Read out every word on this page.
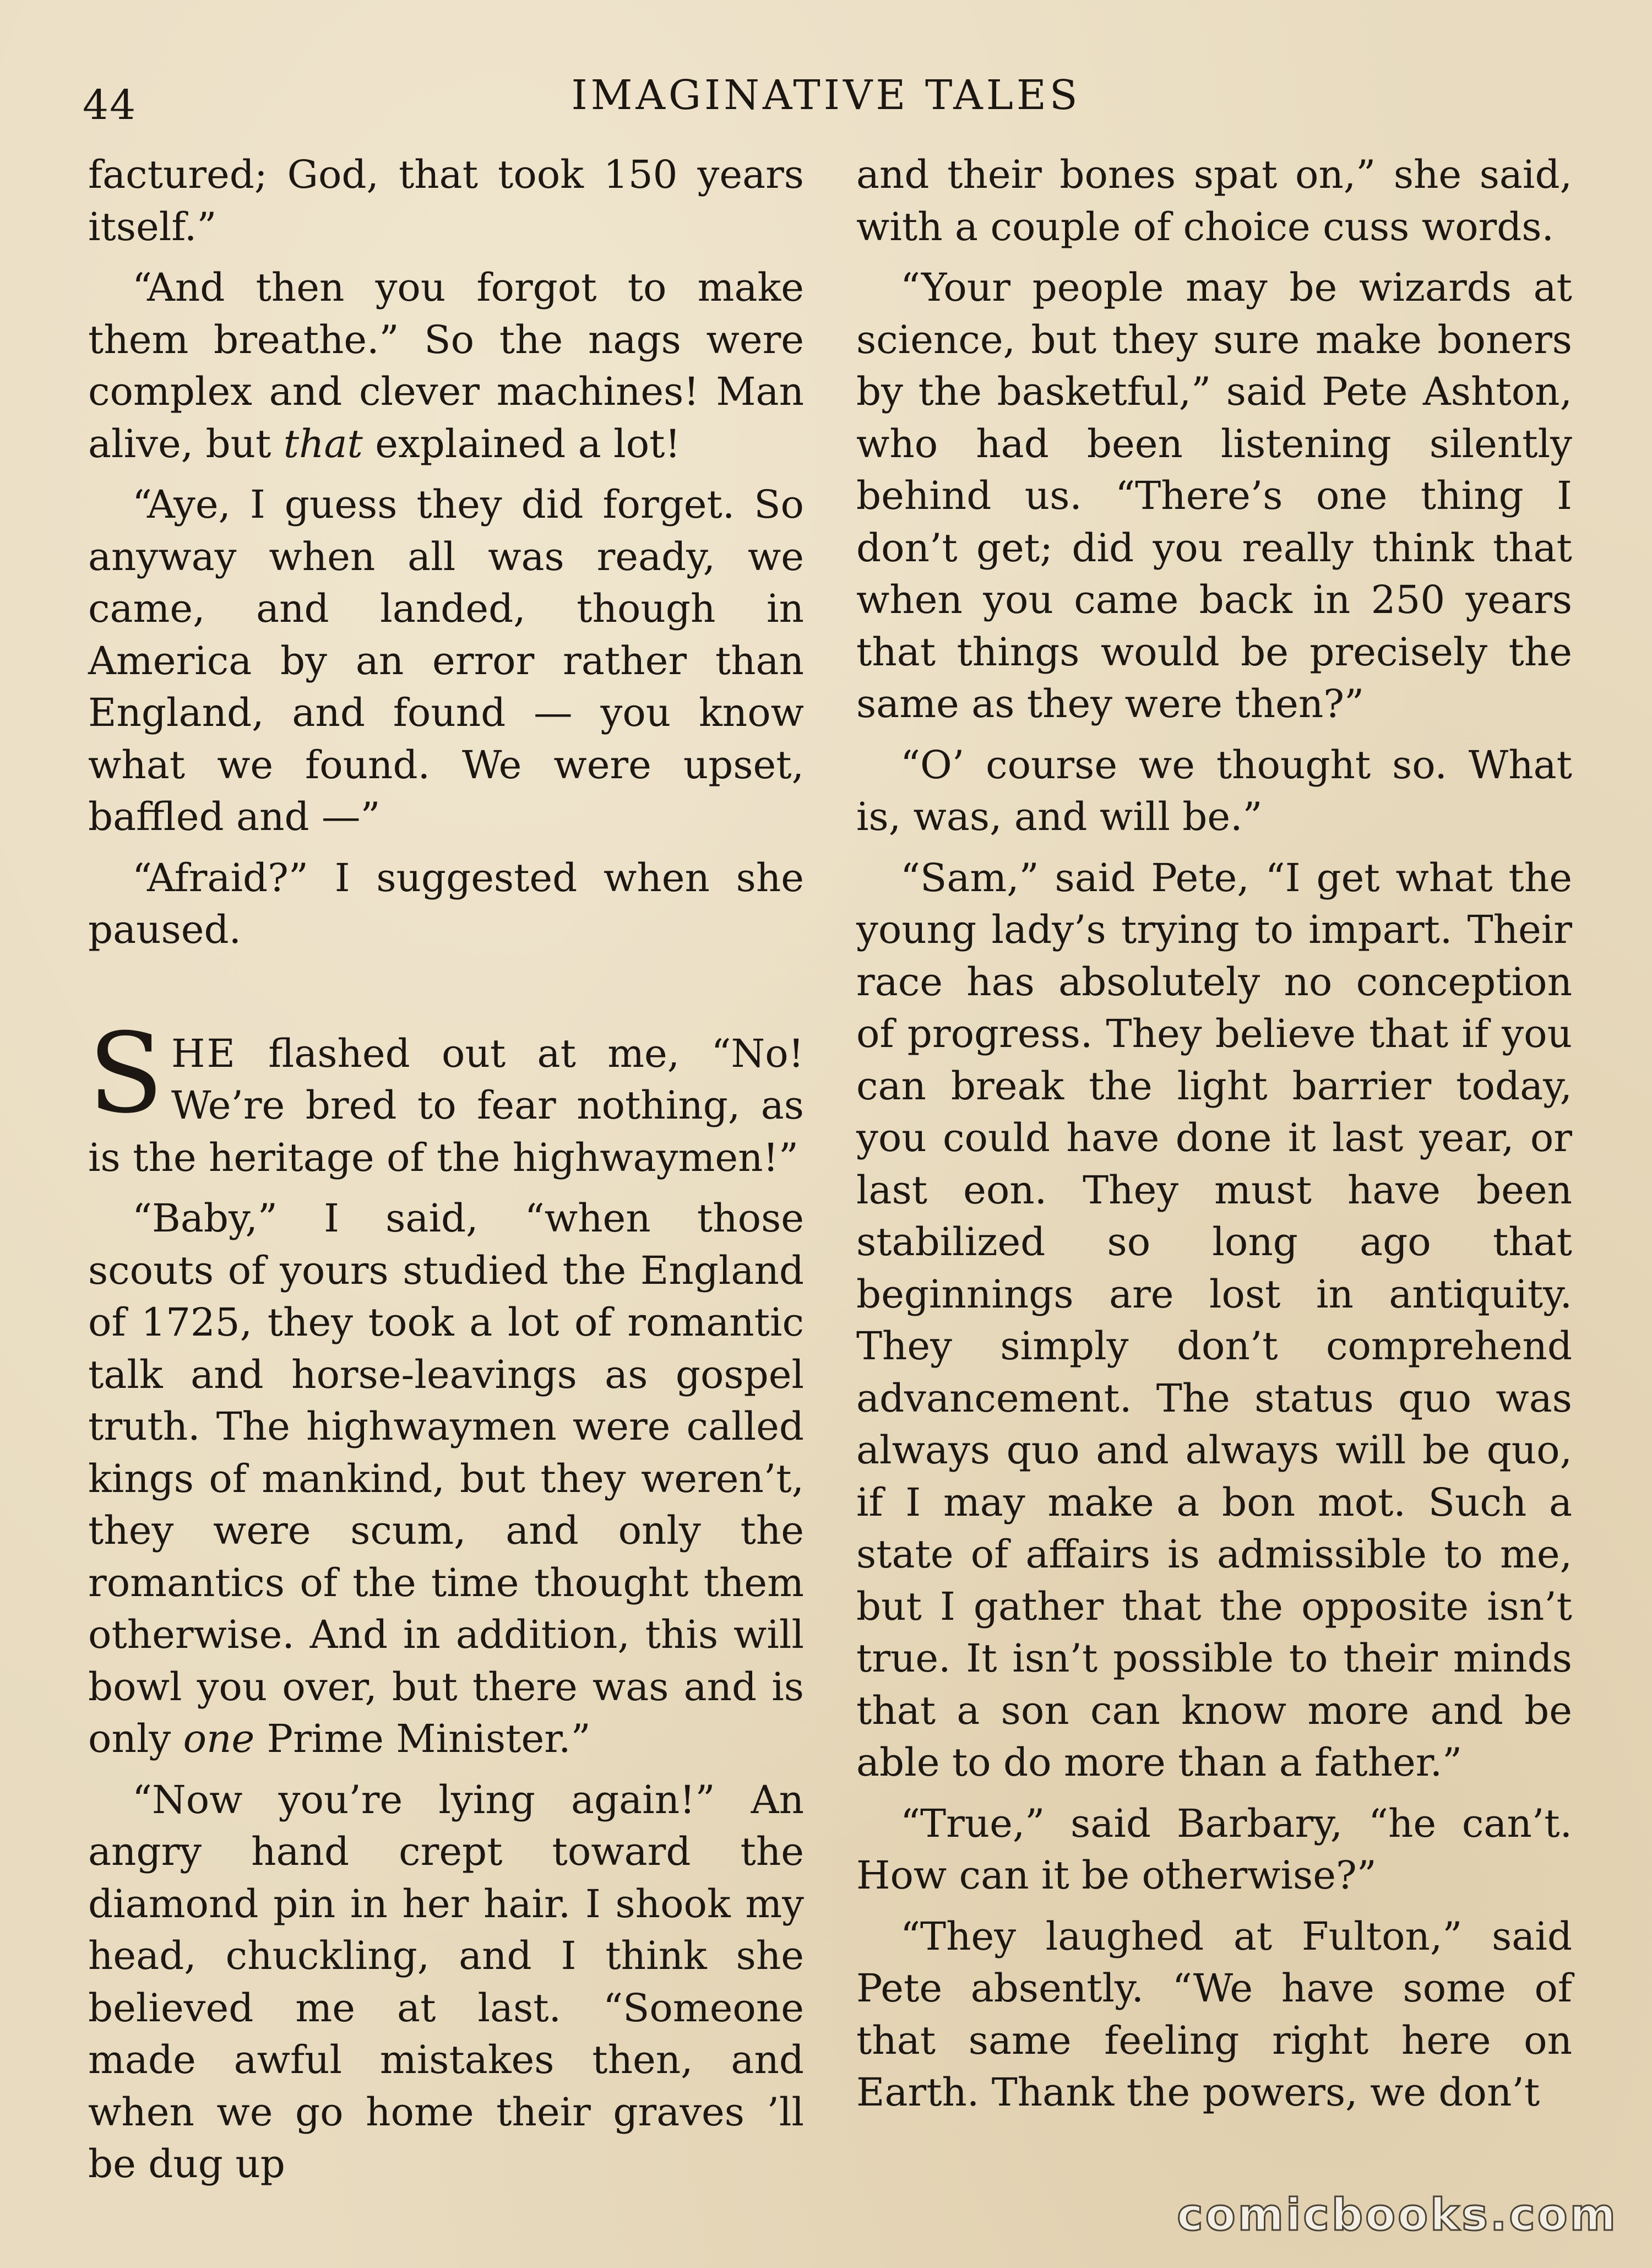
44	IMAGINATIVE TALES

factured; God, that took 150 years itself.”

“And then you forgot to make them breathe.” So the nags were complex and clever machines! Man alive, but that explained a lot!

“Aye, I guess they did forget. So anyway when all was ready, we came, and landed, though in America by an error rather than England, and found — you know what we found. We were upset, baffled and —”

“Afraid?” I suggested when she paused.

SHE flashed out at me, “No! We’re bred to fear nothing, as is the heritage of the highwaymen!”

“Baby,” I said, “when those scouts of yours studied the England of 1725, they took a lot of romantic talk and horse-leavings as gospel truth. The highwaymen were called kings of mankind, but they weren’t, they were scum, and only the romantics of the time thought them otherwise. And in addition, this will bowl you over, but there was and is only one Prime Minister.”

“Now you’re lying again!” An angry hand crept toward the diamond pin in her hair. I shook my head, chuckling, and I think she believed me at last. “Someone made awful mistakes then, and when we go home their graves ’ll be dug up

and their bones spat on,” she said, with a couple of choice cuss words.

“Your people may be wizards at science, but they sure make boners by the basketful,” said Pete Ashton, who had been listening silently behind us. “There’s one thing I don’t get; did you really think that when you came back in 250 years that things would be precisely the same as they were then?”

“O’ course we thought so. What is, was, and will be.”

“Sam,” said Pete, “I get what the young lady’s trying to impart. Their race has absolutely no conception of progress. They believe that if you can break the light barrier today, you could have done it last year, or last eon. They must have been stabilized so long ago that beginnings are lost in antiquity. They simply don’t comprehend advancement. The status quo was always quo and always will be quo, if I may make a bon mot. Such a state of affairs is admissible to me, but I gather that the opposite isn’t true. It isn’t possible to their minds that a son can know more and be able to do more than a father.”

“True,” said Barbary, “he can’t. How can it be otherwise?”

“They laughed at Fulton,” said Pete absently. “We have some of that same feeling right here on Earth. Thank the powers, we don’t

comicbooks.com
